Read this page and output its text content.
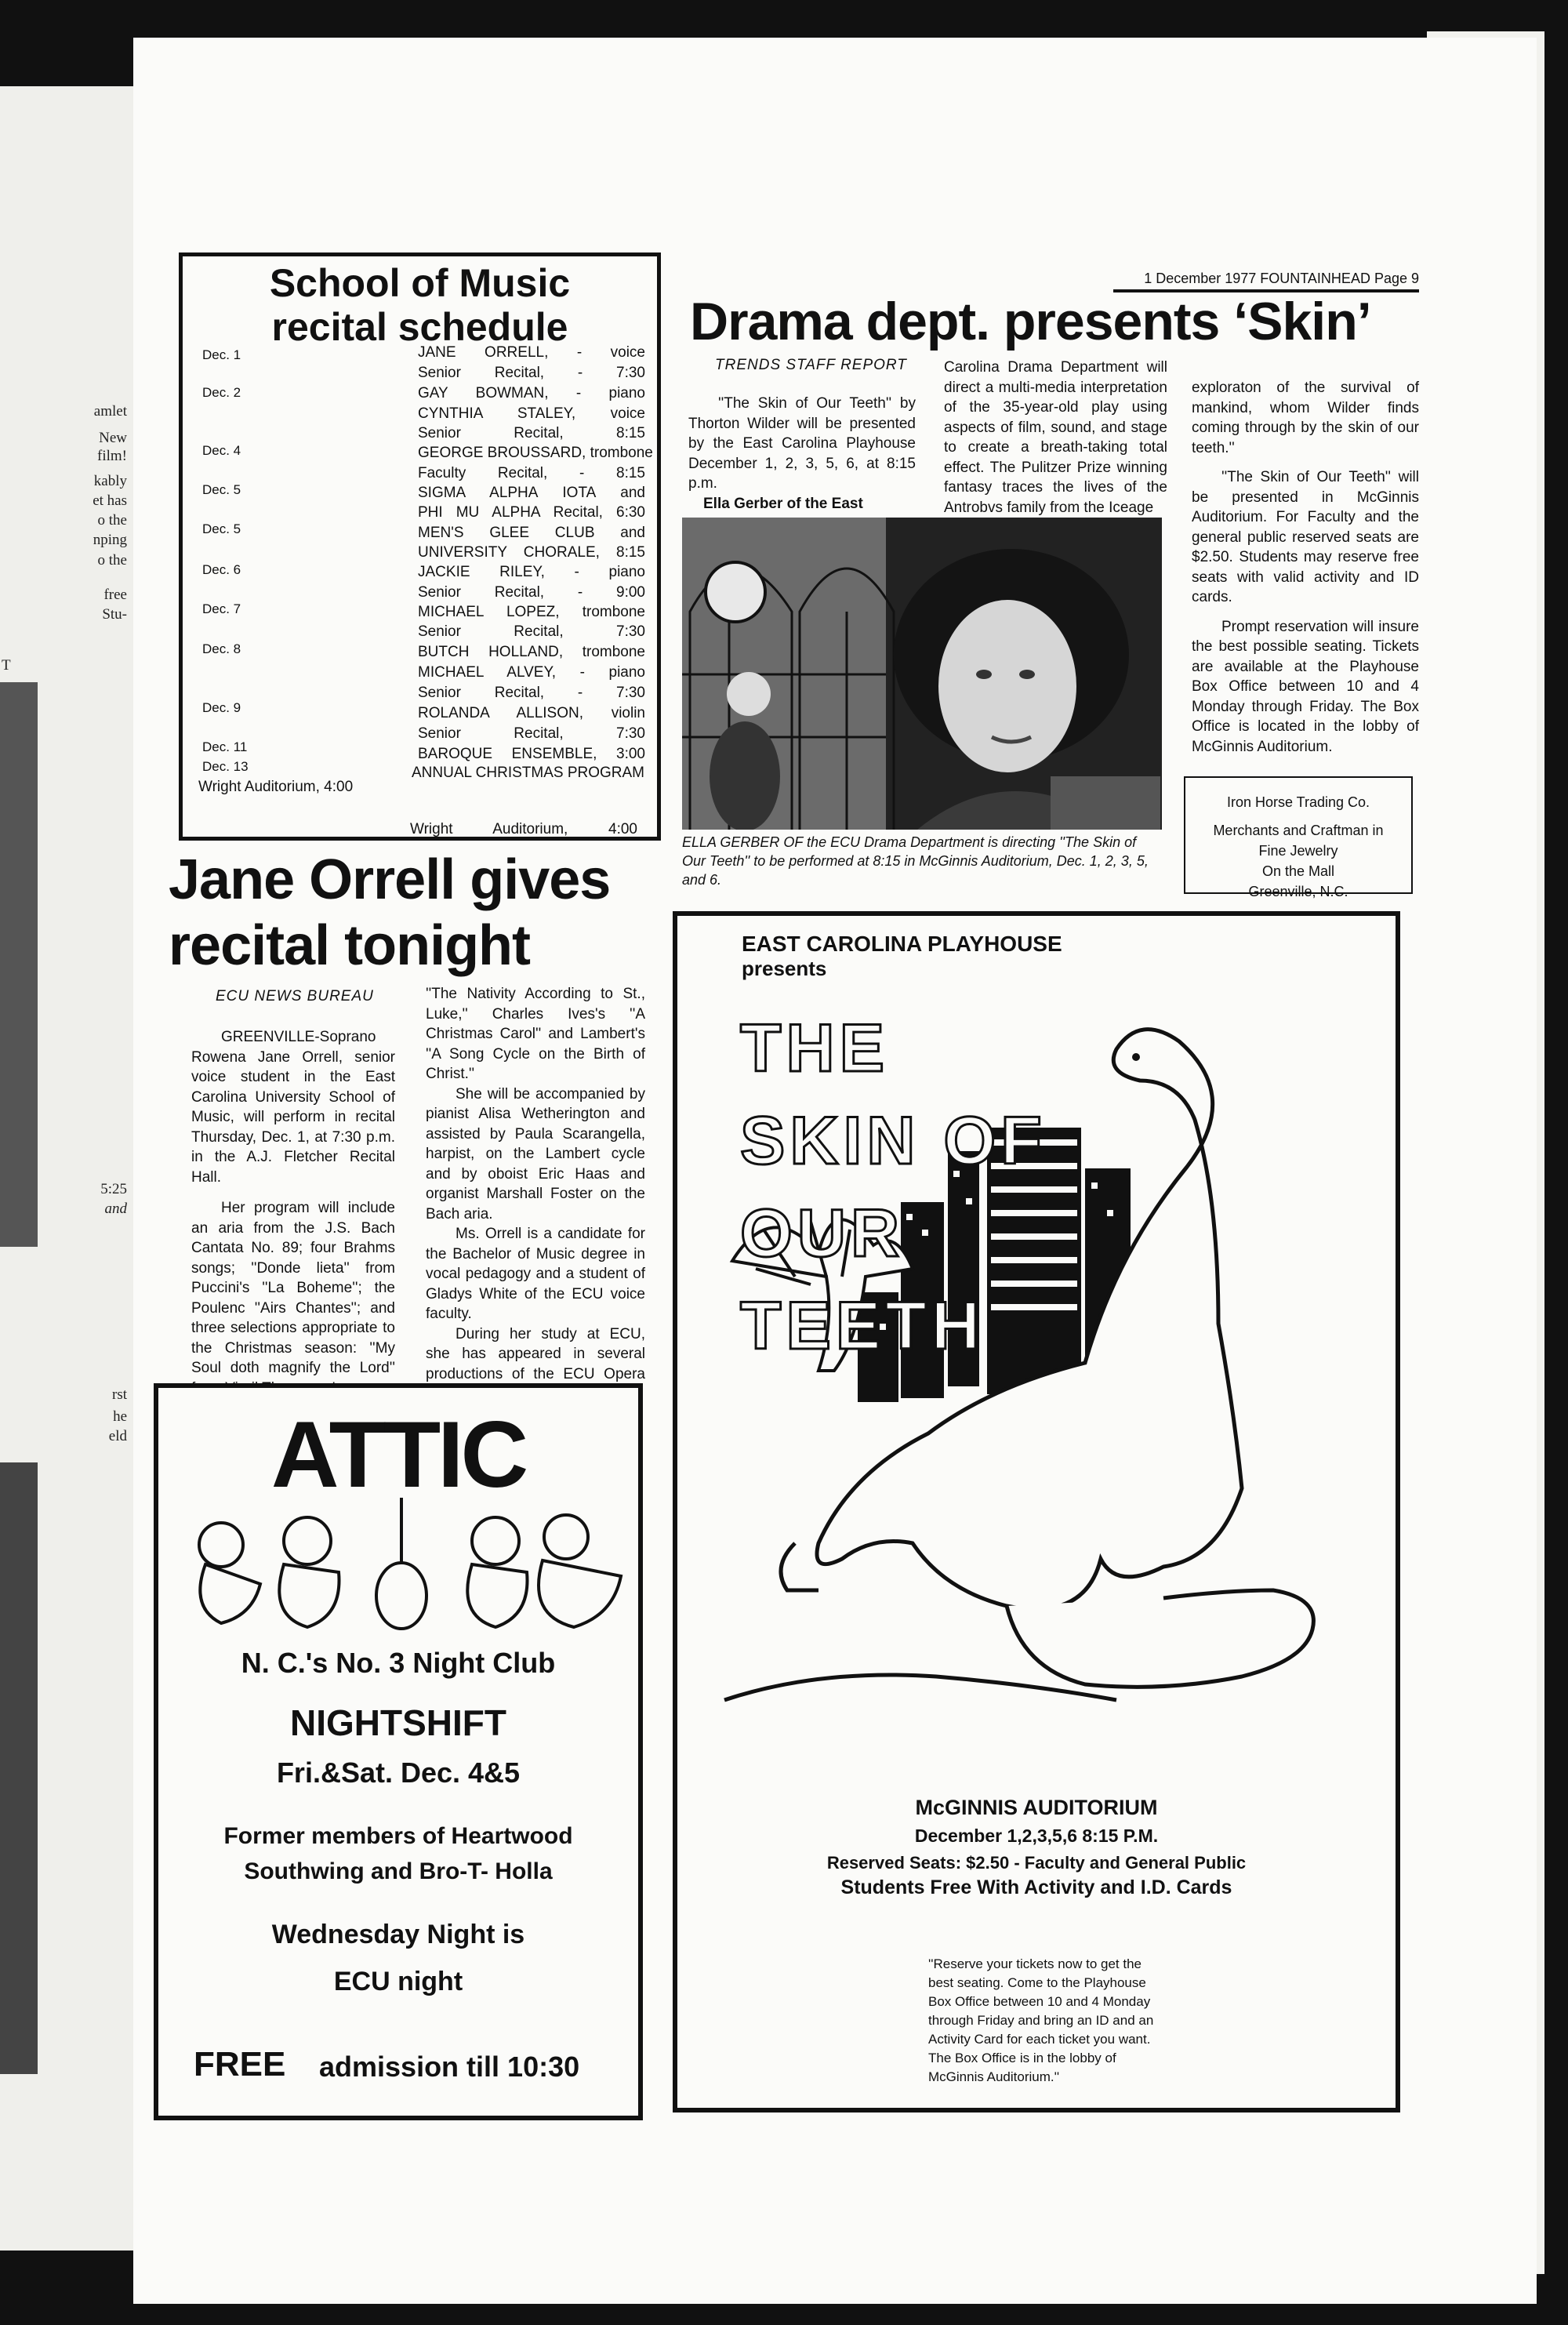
amlet
New
film!
kably
et has
o the
nping
o the
free
Stu-
T
5:25
and
rst
he
eld
1 December 1977 FOUNTAINHEAD Page 9
School of Music
recital schedule
Dec. 1
Dec. 2
Dec. 4
Dec. 5
Dec. 5
Dec. 6
Dec. 7
Dec. 8
Dec. 9
Dec. 11
Dec. 13
JANE ORRELL, - voice
Senior Recital, - 7:30
GAY BOWMAN, - piano
CYNTHIA STALEY, voice
Senior Recital, 8:15
GEORGE BROUSSARD, trombone
Faculty Recital, - 8:15
SIGMA ALPHA IOTA and
PHI MU ALPHA Recital, 6:30
MEN'S GLEE CLUB and
UNIVERSITY CHORALE, 8:15
JACKIE RILEY, - piano
Senior Recital, - 9:00
MICHAEL LOPEZ, trombone
Senior Recital, 7:30
BUTCH HOLLAND, trombone
MICHAEL ALVEY, - piano
Senior Recital, - 7:30
ROLANDA ALLISON, violin
Senior Recital, 7:30
BAROQUE ENSEMBLE, 3:00
ANNUAL CHRISTMAS PROGRAM
Wright Auditorium, 4:00
Wright Auditorium, 4:00
Jane Orrell gives
recital tonight
ECU NEWS BUREAU
GREENVILLE-Soprano Rowena Jane Orrell, senior voice student in the East Carolina University School of Music, will perform in recital Thursday, Dec. 1, at 7:30 p.m. in the A.J. Fletcher Recital Hall.
Her program will include an aria from the J.S. Bach Cantata No. 89; four Brahms songs; ''Donde lieta'' from Puccini's ''La Boheme''; the Poulenc ''Airs Chantes''; and three selections appropriate to the Christmas season: ''My Soul doth magnify the Lord''
''The Nativity According to St., Luke,'' Charles Ives's ''A Christmas Carol'' and Lambert's ''A Song Cycle on the Birth of Christ.''
She will be accompanied by pianist Alisa Wetherington and assisted by Paula Scarangella, harpist, on the Lambert cycle and by oboist Eric Haas and organist Marshall Foster on the Bach aria.
Ms. Orrell is a candidate for the Bachelor of Music degree in vocal pedagogy and a student of Gladys White of the ECU voice faculty.
During her study at ECU, she has appeared in several productions of the ECU Opera
Drama dept. presents ‘Skin’
TRENDS STAFF REPORT
''The Skin of Our Teeth'' by Thorton Wilder will be presented by the East Carolina Playhouse December 1, 2, 3, 5, 6, at 8:15 p.m.
Ella Gerber of the East
Carolina Drama Department will direct a multi-media interpretation of the 35-year-old play using aspects of film, sound, and stage to create a breath-taking total effect. The Pulitzer Prize winning fantasy traces the lives of the Antrobvs family from the Iceage
exploraton of the survival of mankind, whom Wilder finds coming through by the skin of our teeth.''
''The Skin of Our Teeth'' will be presented in McGinnis Auditorium. For Faculty and the general public reserved seats are $2.50. Students may reserve free seats with valid activity and ID cards.
Prompt reservation will insure the best possible seating. Tickets are available at the Playhouse Box Office between 10 and 4 Monday through Friday. The Box Office is located in the lobby of McGinnis Auditorium.
ELLA GERBER OF the ECU Drama Department is directing ''The Skin of Our Teeth'' to be performed at 8:15 in McGinnis Auditorium, Dec. 1, 2, 3, 5, and 6.
Iron Horse Trading Co.
Merchants and Craftman in
Fine Jewelry
On the Mall
Greenville, N.C.
EAST CAROLINA PLAYHOUSE
presents
THE
SKIN OF
OUR TEETH
McGINNIS AUDITORIUM
December 1,2,3,5,6 8:15 P.M.
Reserved Seats: $2.50 - Faculty and General Public
Students Free With Activity and I.D. Cards
''Reserve your tickets now to get the best seating. Come to the Playhouse Box Office between 10 and 4 Monday through Friday and bring an ID and an Activity Card for each ticket you want. The Box Office is in the lobby of McGinnis Auditorium.''
ATTIC
N. C.'s No. 3 Night Club
NIGHTSHIFT
Fri.&Sat. Dec. 4&5
Former members of Heartwood
Southwing and Bro-T- Holla
Wednesday Night is
ECU night
FREE admission till 10:30
